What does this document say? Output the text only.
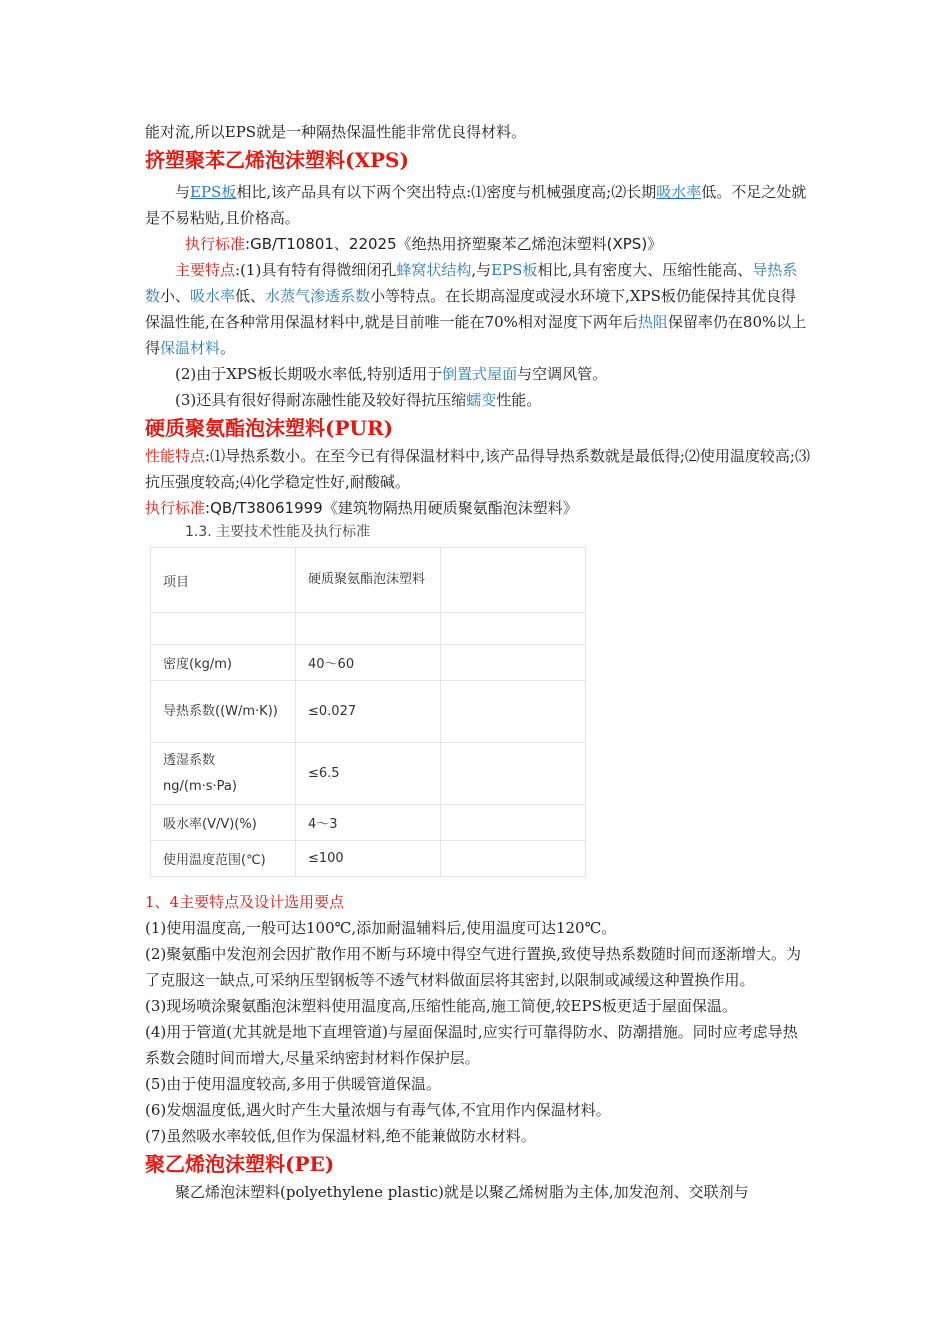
能对流,所以EPS就是一种隔热保温性能非常优良得材料。

挤塑聚苯乙烯泡沫塑料(XPS)

与EPS板相比,该产品具有以下两个突出特点:⑴密度与机械强度高;⑵长期吸水率低。不足之处就是不易粘贴,且价格高。

执行标准:GB/T10801、22025《绝热用挤塑聚苯乙烯泡沫塑料(XPS)》

主要特点:(1)具有特有得微细闭孔蜂窝状结构,与EPS板相比,具有密度大、压缩性能高、导热系数小、吸水率低、水蒸气渗透系数小等特点。在长期高湿度或浸水环境下,XPS板仍能保持其优良得保温性能,在各种常用保温材料中,就是目前唯一能在70%相对湿度下两年后热阻保留率仍在80%以上得保温材料。

(2)由于XPS板长期吸水率低,特别适用于倒置式屋面与空调风管。

(3)还具有很好得耐冻融性能及较好得抗压缩蠕变性能。

硬质聚氨酯泡沫塑料(PUR)

性能特点:⑴导热系数小。在至今已有得保温材料中,该产品得导热系数就是最低得;⑵使用温度较高;⑶抗压强度较高;⑷化学稳定性好,耐酸碱。

执行标准:QB/T38061999《建筑物隔热用硬质聚氨酯泡沫塑料》

1.3. 主要技术性能及执行标准

项目	硬质聚氨酯泡沫塑料	

密度(kg/m)	40～60	
导热系数((W/m·K))	≤0.027	
透湿系数ng/(m·s·Pa)	≤6.5	
吸水率(V/V)(%)	4～3	
使用温度范围(℃)	≤100	

1、4主要特点及设计选用要点

(1)使用温度高,一般可达100℃,添加耐温辅料后,使用温度可达120℃。

(2)聚氨酯中发泡剂会因扩散作用不断与环境中得空气进行置换,致使导热系数随时间而逐渐增大。为了克服这一缺点,可采纳压型钢板等不透气材料做面层将其密封,以限制或减缓这种置换作用。

(3)现场喷涂聚氨酯泡沫塑料使用温度高,压缩性能高,施工简便,较EPS板更适于屋面保温。

(4)用于管道(尤其就是地下直埋管道)与屋面保温时,应实行可靠得防水、防潮措施。同时应考虑导热系数会随时间而增大,尽量采纳密封材料作保护层。

(5)由于使用温度较高,多用于供暖管道保温。

(6)发烟温度低,遇火时产生大量浓烟与有毒气体,不宜用作内保温材料。

(7)虽然吸水率较低,但作为保温材料,绝不能兼做防水材料。

聚乙烯泡沫塑料(PE)

聚乙烯泡沫塑料(polyethylene plastic)就是以聚乙烯树脂为主体,加发泡剂、交联剂与
